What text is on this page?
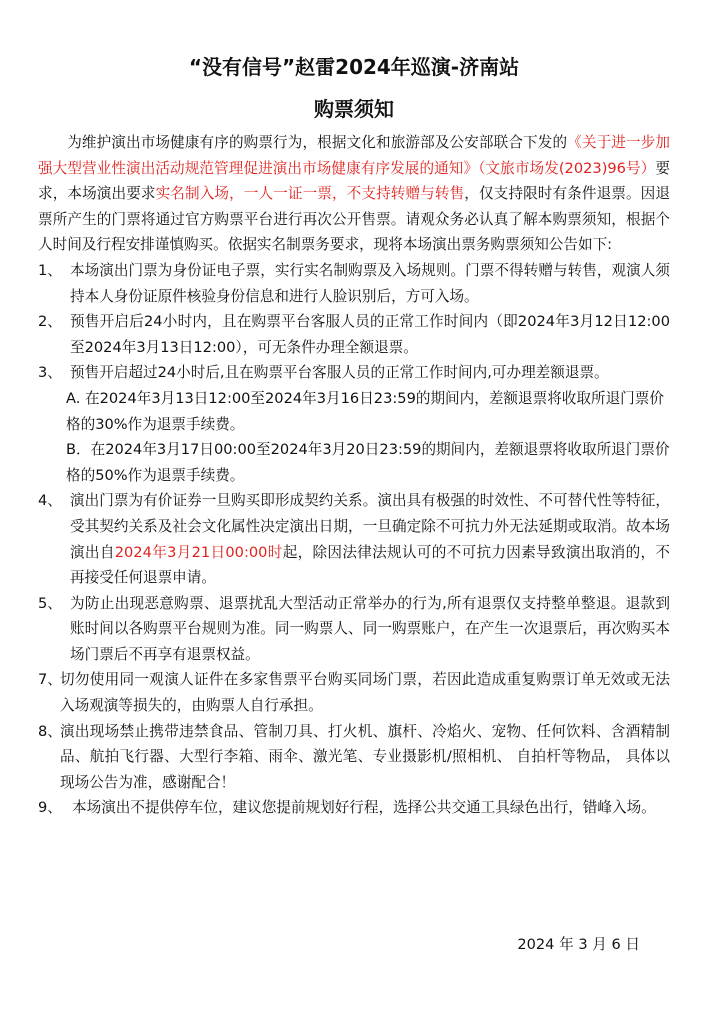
“没有信号”赵雷2024年巡演-济南站
购票须知

为维护演出市场健康有序的购票行为，根据文化和旅游部及公安部联合下发的《关于进一步加强大型营业性演出活动规范管理促进演出市场健康有序发展的通知》（文旅市场发(2023)96号）要求，本场演出要求实名制入场，一人一证一票，不支持转赠与转售，仅支持限时有条件退票。因退票所产生的门票将通过官方购票平台进行再次公开售票。请观众务必认真了解本购票须知，根据个人时间及行程安排谨慎购买。依据实名制票务要求，现将本场演出票务购票须知公告如下:

1、 本场演出门票为身份证电子票，实行实名制购票及入场规则。门票不得转赠与转售，观演人须持本人身份证原件核验身份信息和进行人脸识别后，方可入场。
2、 预售开启后24小时内，且在购票平台客服人员的正常工作时间内（即2024年3月12日12:00至2024年3月13日12:00），可无条件办理全额退票。
3、 预售开启超过24小时后,且在购票平台客服人员的正常工作时间内,可办理差额退票。

A. 在2024年3月13日12:00至2024年3月16日23:59的期间内，差额退票将收取所退门票价格的30%作为退票手续费。

B．在2024年3月17日00:00至2024年3月20日23:59的期间内，差额退票将收取所退门票价格的50%作为退票手续费。

4、 演出门票为有价证券一旦购买即形成契约关系。演出具有极强的时效性、不可替代性等特征，受其契约关系及社会文化属性决定演出日期，一旦确定除不可抗力外无法延期或取消。故本场演出自2024年3月21日00:00时起，除因法律法规认可的不可抗力因素导致演出取消的，不再接受任何退票申请。
5、 为防止出现恶意购票、退票扰乱大型活动正常举办的行为,所有退票仅支持整单整退。退款到账时间以各购票平台规则为准。同一购票人、同一购票账户，在产生一次退票后，再次购买本场门票后不再享有退票权益。
7、
切勿使用同一观演人证件在多家售票平台购买同场门票，若因此造成重复购票订单无效或无法入场观演等损失的，由购票人自行承担。
8、
演出现场禁止携带违禁食品、管制刀具、打火机、旗杆、冷焰火、宠物、任何饮料、含酒精制品、航拍飞行器、大型行李箱、雨伞、激光笔、专业摄影机/照相机、 自拍杆等物品， 具体以现场公告为准，感谢配合！
9、 本场演出不提供停车位，建议您提前规划好行程，选择公共交通工具绿色出行，错峰入场。
2024 年 3 月 6 日
